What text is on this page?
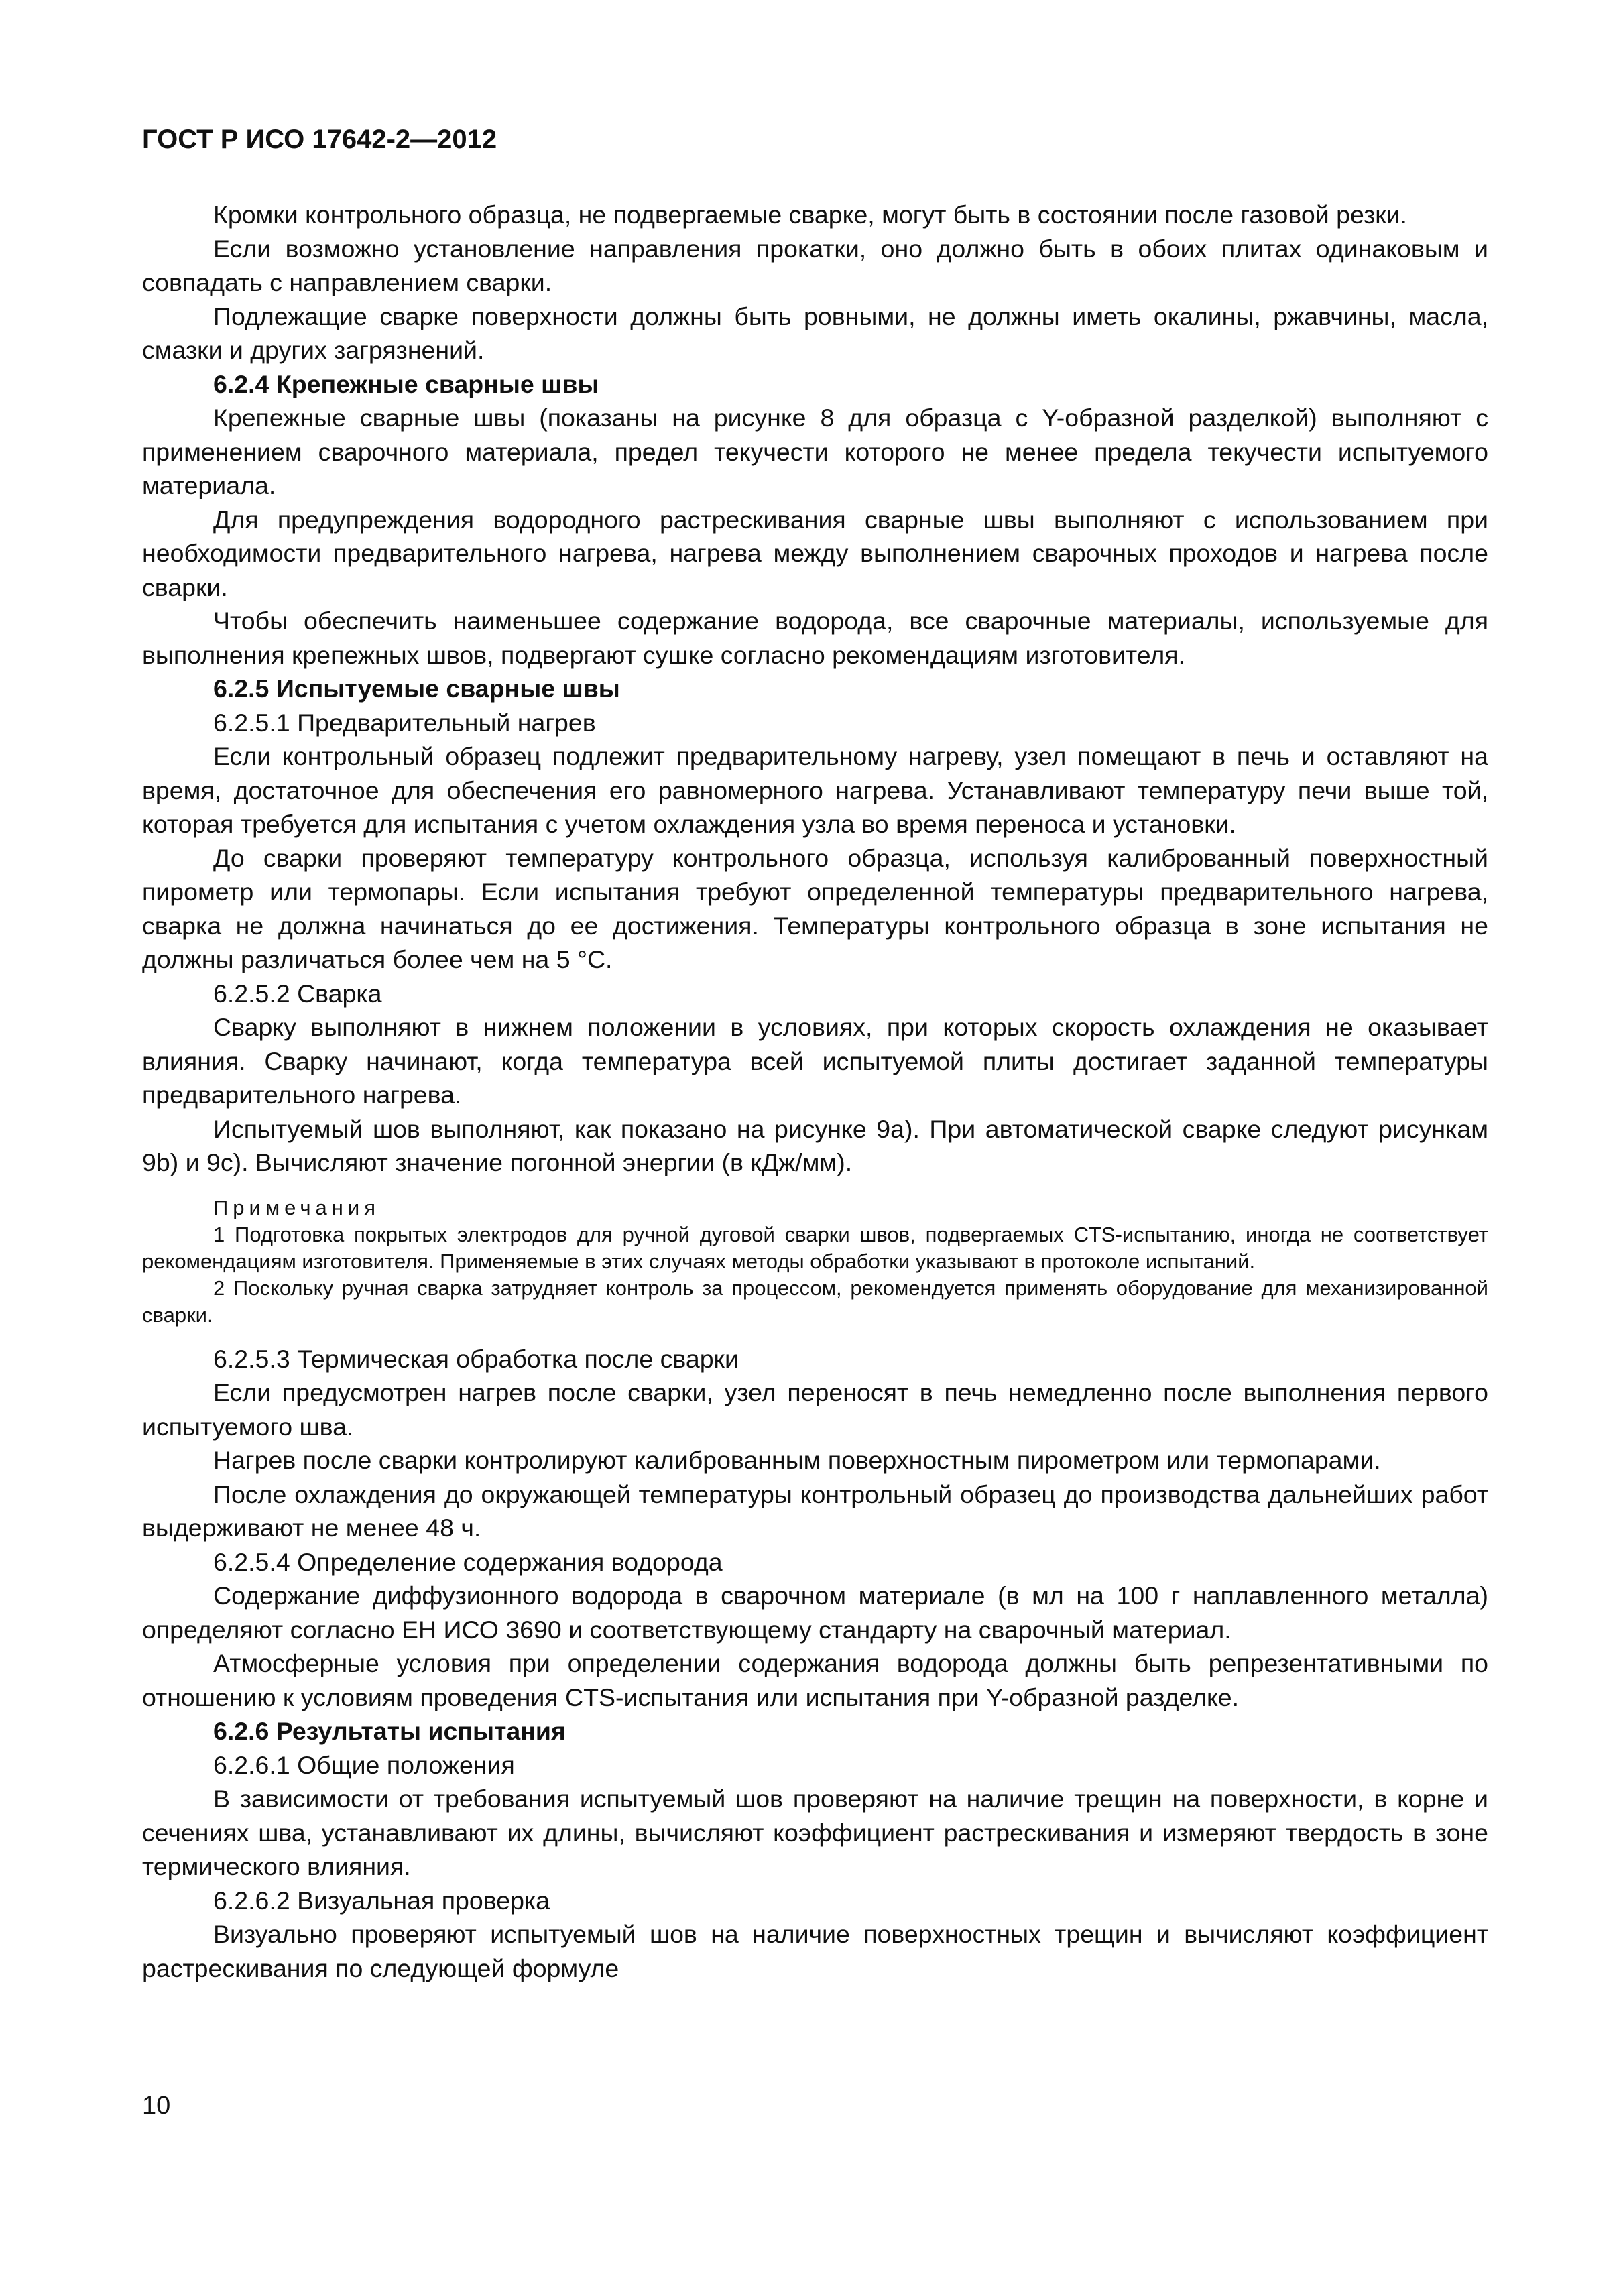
ГОСТ Р ИСО 17642-2—2012

Кромки контрольного образца, не подвергаемые сварке, могут быть в состоянии после газовой резки.

Если возможно установление направления прокатки, оно должно быть в обоих плитах одинаковым и совпадать с направлением сварки.

Подлежащие сварке поверхности должны быть ровными, не должны иметь окалины, ржавчины, масла, смазки и других загрязнений.

6.2.4 Крепежные сварные швы

Крепежные сварные швы (показаны на рисунке 8 для образца с Y-образной разделкой) выполняют с применением сварочного материала, предел текучести которого не менее предела текучести испытуемого материала.

Для предупреждения водородного растрескивания сварные швы выполняют с использованием при необходимости предварительного нагрева, нагрева между выполнением сварочных проходов и нагрева после сварки.

Чтобы обеспечить наименьшее содержание водорода, все сварочные материалы, используемые для выполнения крепежных швов, подвергают сушке согласно рекомендациям изготовителя.

6.2.5 Испытуемые сварные швы

6.2.5.1 Предварительный нагрев

Если контрольный образец подлежит предварительному нагреву, узел помещают в печь и оставляют на время, достаточное для обеспечения его равномерного нагрева. Устанавливают температуру печи выше той, которая требуется для испытания с учетом охлаждения узла во время переноса и установки.

До сварки проверяют температуру контрольного образца, используя калиброванный поверхностный пирометр или термопары. Если испытания требуют определенной температуры предварительного нагрева, сварка не должна начинаться до ее достижения. Температуры контрольного образца в зоне испытания не должны различаться более чем на 5 °C.

6.2.5.2 Сварка

Сварку выполняют в нижнем положении в условиях, при которых скорость охлаждения не оказывает влияния. Сварку начинают, когда температура всей испытуемой плиты достигает заданной температуры предварительного нагрева.

Испытуемый шов выполняют, как показано на рисунке 9a). При автоматической сварке следуют рисункам 9b) и 9c). Вычисляют значение погонной энергии (в кДж/мм).

Примечания

1 Подготовка покрытых электродов для ручной дуговой сварки швов, подвергаемых CTS-испытанию, иногда не соответствует рекомендациям изготовителя. Применяемые в этих случаях методы обработки указывают в протоколе испытаний.

2 Поскольку ручная сварка затрудняет контроль за процессом, рекомендуется применять оборудование для механизированной сварки.

6.2.5.3 Термическая обработка после сварки

Если предусмотрен нагрев после сварки, узел переносят в печь немедленно после выполнения первого испытуемого шва.

Нагрев после сварки контролируют калиброванным поверхностным пирометром или термопарами.

После охлаждения до окружающей температуры контрольный образец до производства дальнейших работ выдерживают не менее 48 ч.

6.2.5.4 Определение содержания водорода

Содержание диффузионного водорода в сварочном материале (в мл на 100 г наплавленного металла) определяют согласно ЕН ИСО 3690 и соответствующему стандарту на сварочный материал.

Атмосферные условия при определении содержания водорода должны быть репрезентативными по отношению к условиям проведения CTS-испытания или испытания при Y-образной разделке.

6.2.6 Результаты испытания

6.2.6.1 Общие положения

В зависимости от требования испытуемый шов проверяют на наличие трещин на поверхности, в корне и сечениях шва, устанавливают их длины, вычисляют коэффициент растрескивания и измеряют твердость в зоне термического влияния.

6.2.6.2 Визуальная проверка

Визуально проверяют испытуемый шов на наличие поверхностных трещин и вычисляют коэффициент растрескивания по следующей формуле

10
